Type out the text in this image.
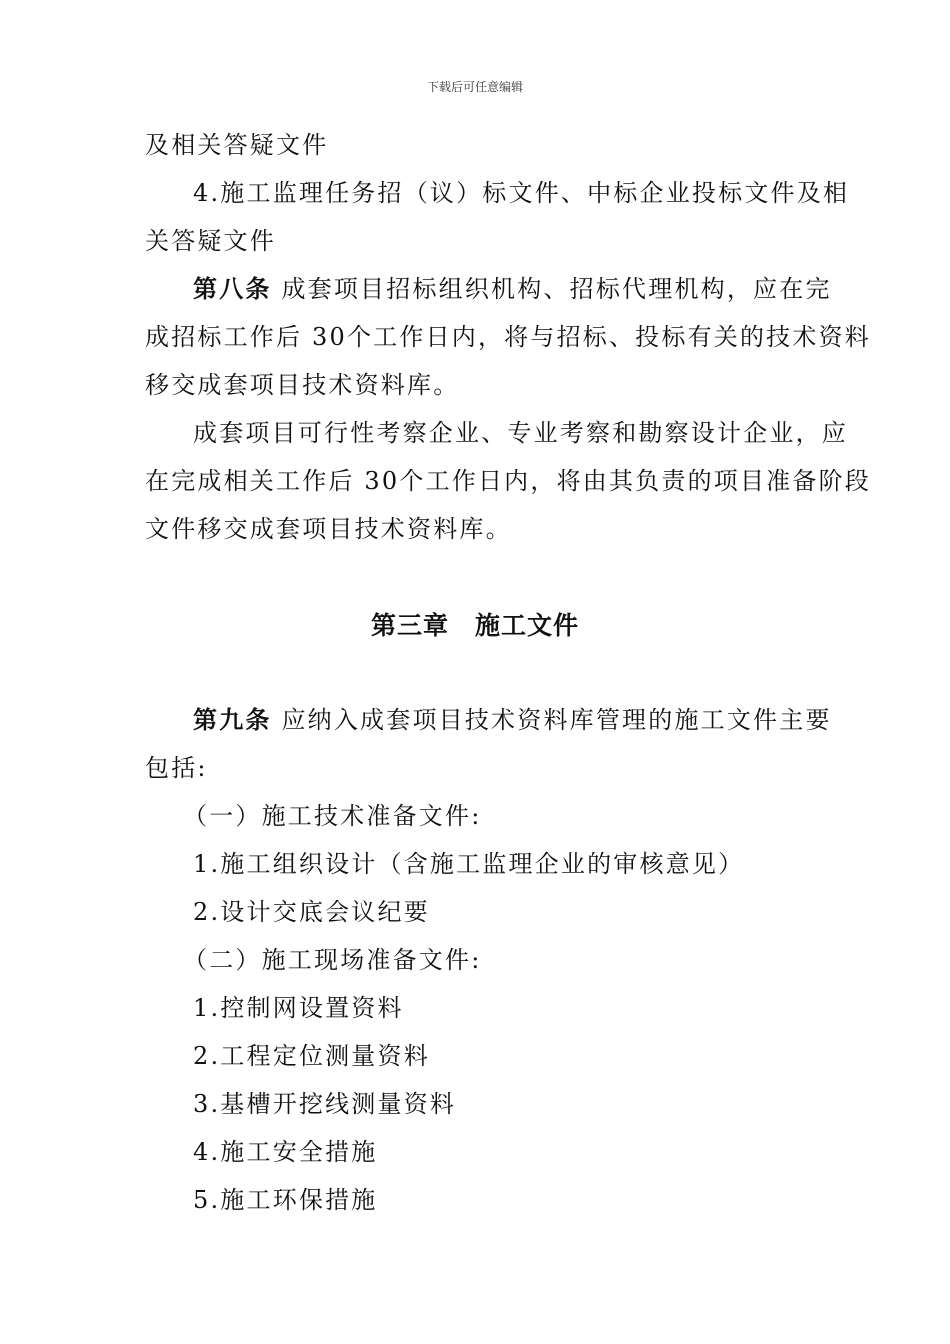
下载后可任意编辑
及相关答疑文件
4.施工监理任务招（议）标文件、中标企业投标文件及相
关答疑文件
第八条 成套项目招标组织机构、招标代理机构，应在完
成招标工作后 30个工作日内，将与招标、投标有关的技术资料
移交成套项目技术资料库。
成套项目可行性考察企业、专业考察和勘察设计企业，应
在完成相关工作后 30个工作日内，将由其负责的项目准备阶段
文件移交成套项目技术资料库。
第三章　施工文件
第九条 应纳入成套项目技术资料库管理的施工文件主要
包括:
（一）施工技术准备文件:
1.施工组织设计（含施工监理企业的审核意见）
2.设计交底会议纪要
（二）施工现场准备文件:
1.控制网设置资料
2.工程定位测量资料
3.基槽开挖线测量资料
4.施工安全措施
5.施工环保措施
